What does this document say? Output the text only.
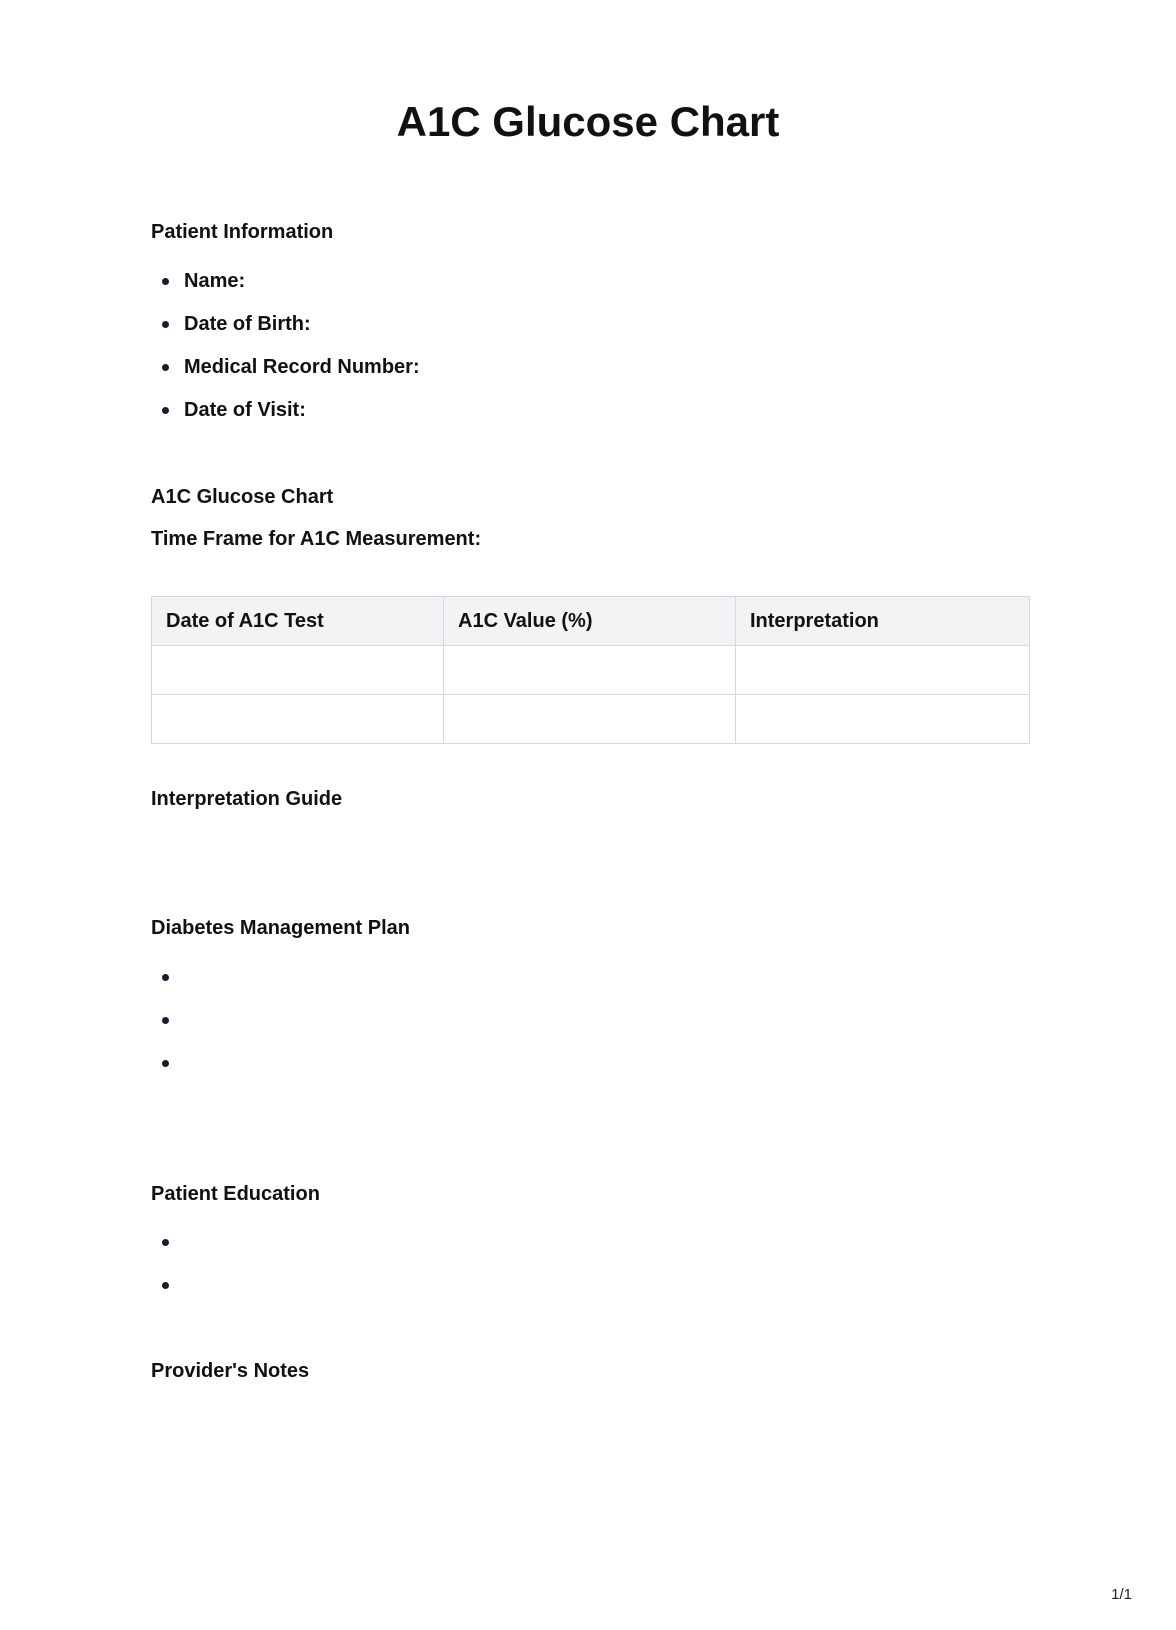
A1C Glucose Chart
Patient Information
Name:
Date of Birth:
Medical Record Number:
Date of Visit:
A1C Glucose Chart
Time Frame for A1C Measurement:
Date of A1C Test	A1C Value (%)	Interpretation

Interpretation Guide
Diabetes Management Plan
Patient Education
Provider's Notes
1/1
